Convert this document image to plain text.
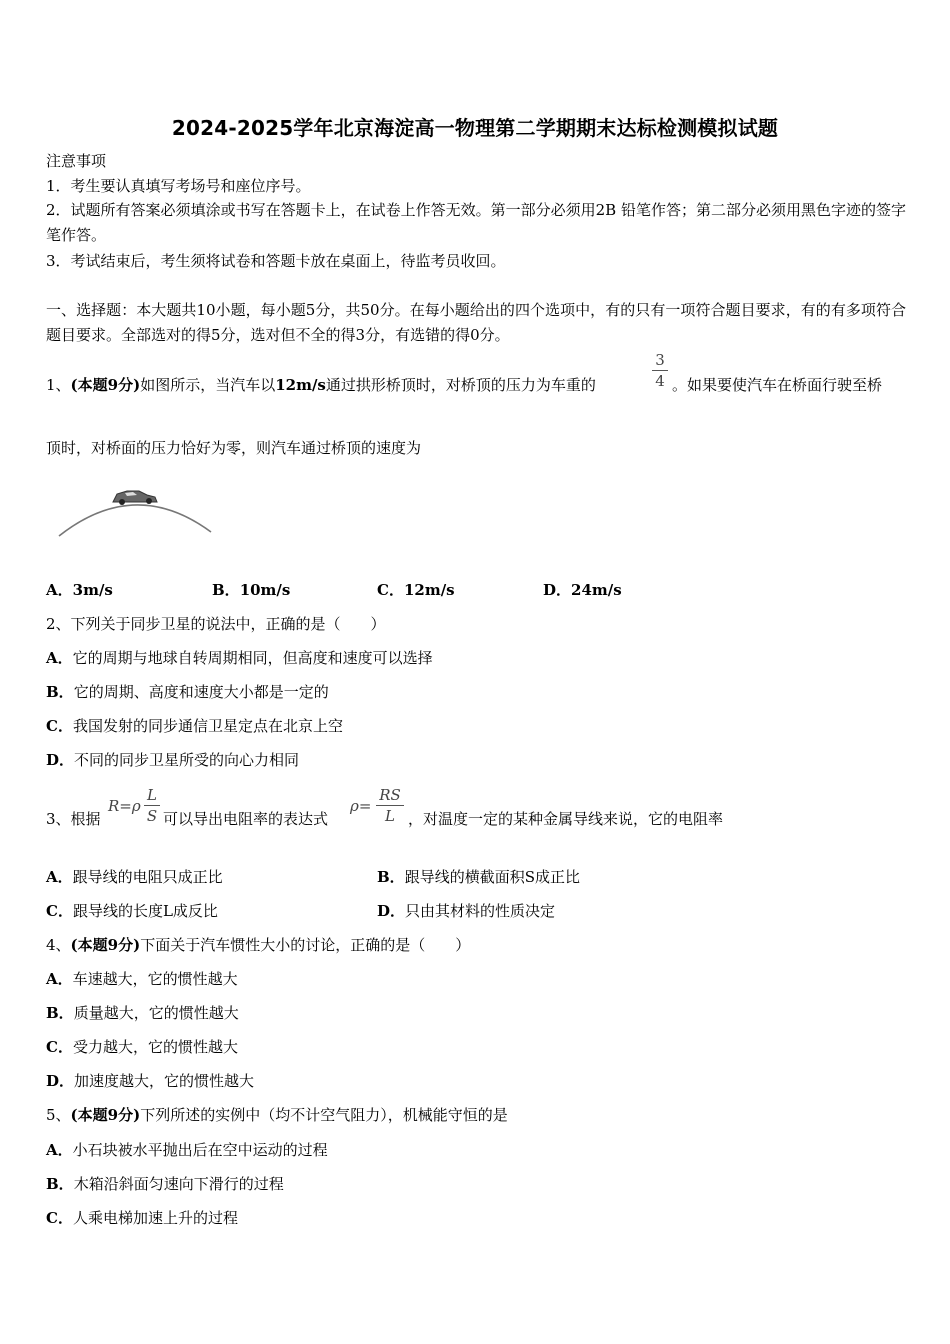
2024-2025学年北京海淀高一物理第二学期期末达标检测模拟试题
注意事项
1．考生要认真填写考场号和座位序号。
2．试题所有答案必须填涂或书写在答题卡上，在试卷上作答无效。第一部分必须用2B 铅笔作答；第二部分必须用黑色字迹的签字笔作答。
3．考试结束后，考生须将试卷和答题卡放在桌面上，待监考员收回。
一、选择题：本大题共10小题，每小题5分，共50分。在每小题给出的四个选项中，有的只有一项符合题目要求，有的有多项符合题目要求。全部选对的得5分，选对但不全的得3分，有选错的得0分。
1、(本题9分)如图所示，当汽车以12m/s通过拱形桥顶时，对桥顶的压力为车重的
3
4 。如果要使汽车在桥面行驶至桥
顶时，对桥面的压力恰好为零，则汽车通过桥顶的速度为
A．3m/s	B．10m/s	C．12m/s	D．24m/s
2、下列关于同步卫星的说法中，正确的是（　　）
A．它的周期与地球自转周期相同，但高度和速度可以选择
B．它的周期、高度和速度大小都是一定的
C．我国发射的同步通信卫星定点在北京上空
D．不同的同步卫星所受的向心力相同
3、根据
R=ρ
L
S 可以导出电阻率的表达式
ρ=
RS
L ，对温度一定的某种金属导线来说，它的电阻率
A．跟导线的电阻只成正比	B．跟导线的横截面积S成正比
C．跟导线的长度L成反比	D．只由其材料的性质决定
4、(本题9分)下面关于汽车惯性大小的讨论，正确的是（　　）
A．车速越大，它的惯性越大
B．质量越大，它的惯性越大
C．受力越大，它的惯性越大
D．加速度越大，它的惯性越大
5、(本题9分)下列所述的实例中（均不计空气阻力），机械能守恒的是
A．小石块被水平抛出后在空中运动的过程
B．木箱沿斜面匀速向下滑行的过程
C．人乘电梯加速上升的过程
